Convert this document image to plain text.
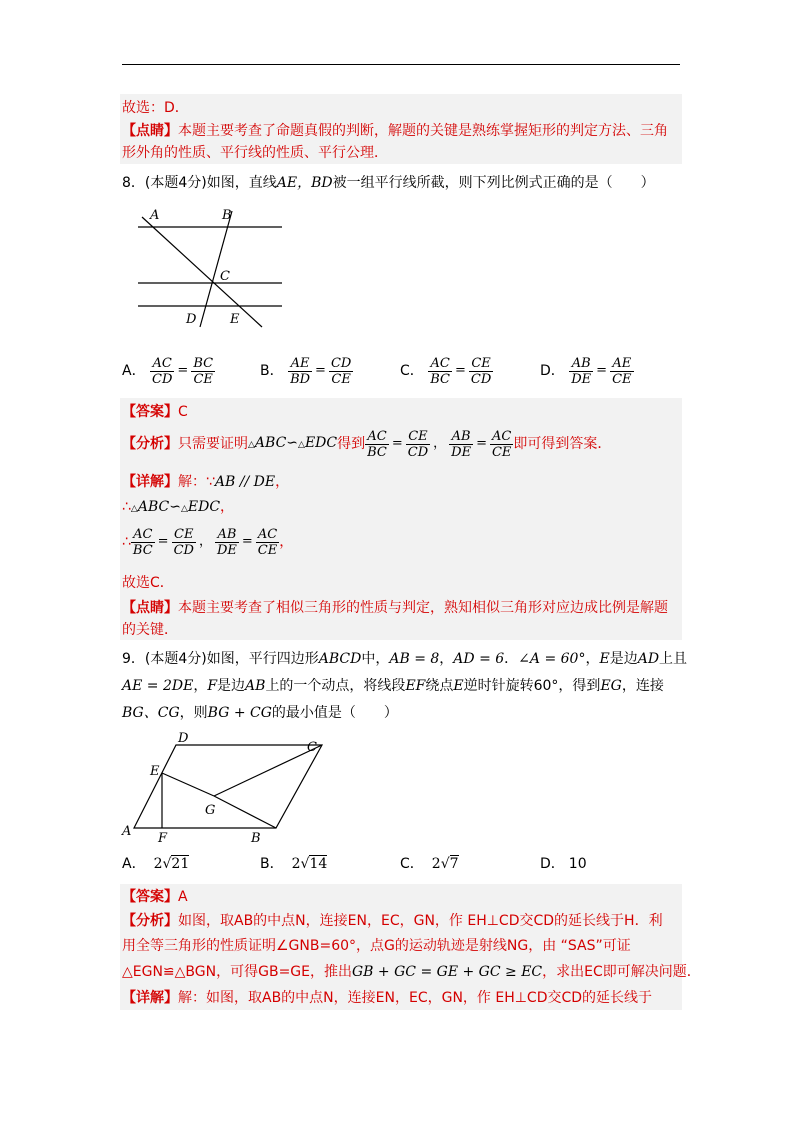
故选：D．
【点睛】本题主要考查了命题真假的判断，解题的关键是熟练掌握矩形的判定方法、三角
形外角的性质、平行线的性质、平行公理．
8．(本题4分)如图，直线AE，BD被一组平行线所截，则下列比例式正确的是（　　）
A	B
C
D	E
A． $\frac{AC}{CD} = \frac{BC}{CE}$	B． $\frac{AE}{BD} = \frac{CD}{CE}$	C． $\frac{AC}{BC} = \frac{CE}{CD}$	D． $\frac{AB}{DE} = \frac{AE}{CE}$
【答案】C
【分析】只需要证明△ABC∽△EDC得到 $\frac{AC}{BC} = \frac{CE}{CD}$ ， $\frac{AB}{DE} = \frac{AC}{CE}$ 即可得到答案．
【详解】解：∵AB // DE，
∴△ABC∽△EDC，
∴ $\frac{AC}{BC} = \frac{CE}{CD}$ ， $\frac{AB}{DE} = \frac{AC}{CE}$ ，
故选C．
【点睛】本题主要考查了相似三角形的性质与判定，熟知相似三角形对应边成比例是解题
的关键．
9．(本题4分)如图，平行四边形ABCD中，AB = 8，AD = 6．∠A = 60°，E是边AD上且
AE = 2DE，F是边AB上的一个动点，将线段EF绕点E逆时针旋转60°，得到EG，连接
BG、CG，则BG + CG的最小值是（　　）
D
C
E
G
A F	B
A． 2√21	B． 2√14	C． 2√7	D． 10
【答案】A
【分析】如图，取AB的中点N，连接EN，EC，GN，作 EH⊥CD交CD的延长线于H．利
用全等三角形的性质证明∠GNB=60°，点G的运动轨迹是射线NG，由 “SAS”可证
△EGN≌△BGN，可得GB=GE，推出GB + GC = GE + GC ≥ EC，求出EC即可解决问题．
【详解】解：如图，取AB的中点N，连接EN，EC，GN，作 EH⊥CD交CD的延长线于
